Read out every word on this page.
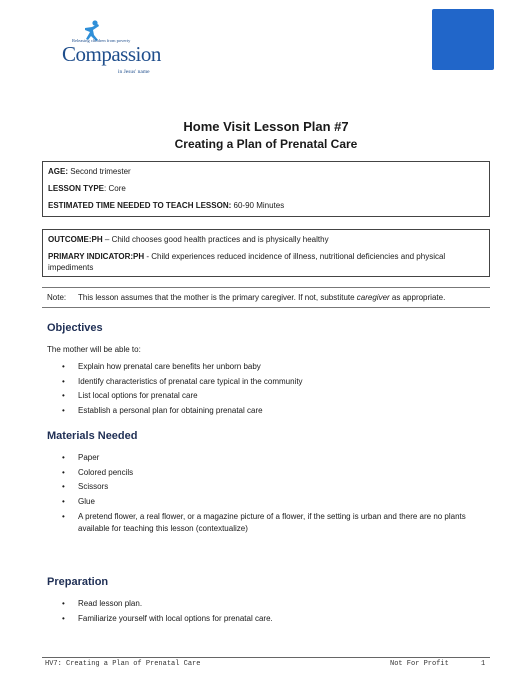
Releasing children from poverty
Compassion
in Jesus' name
Home Visit Lesson Plan #7
Creating a Plan of Prenatal Care

AGE: Second trimester

LESSON TYPE: Core

ESTIMATED TIME NEEDED TO TEACH LESSON: 60-90 Minutes

OUTCOME:PH – Child chooses good health practices and is physically healthy

PRIMARY INDICATOR:PH - Child experiences reduced incidence of illness, nutritional deficiencies and physical impediments

Note:	This lesson assumes that the mother is the primary caregiver. If not, substitute caregiver as appropriate.
Objectives
The mother will be able to:
• Explain how prenatal care benefits her unborn baby
• Identify characteristics of prenatal care typical in the community
• List local options for prenatal care
• Establish a personal plan for obtaining prenatal care
Materials Needed
• Paper
• Colored pencils
• Scissors
• Glue
• A pretend flower, a real flower, or a magazine picture of a flower, if the setting is urban and there are no plants available for teaching this lesson (contextualize)
Preparation
• Read lesson plan.
• Familiarize yourself with local options for prenatal care.
HV7: Creating a Plan of Prenatal Care	Not For Profit	1
